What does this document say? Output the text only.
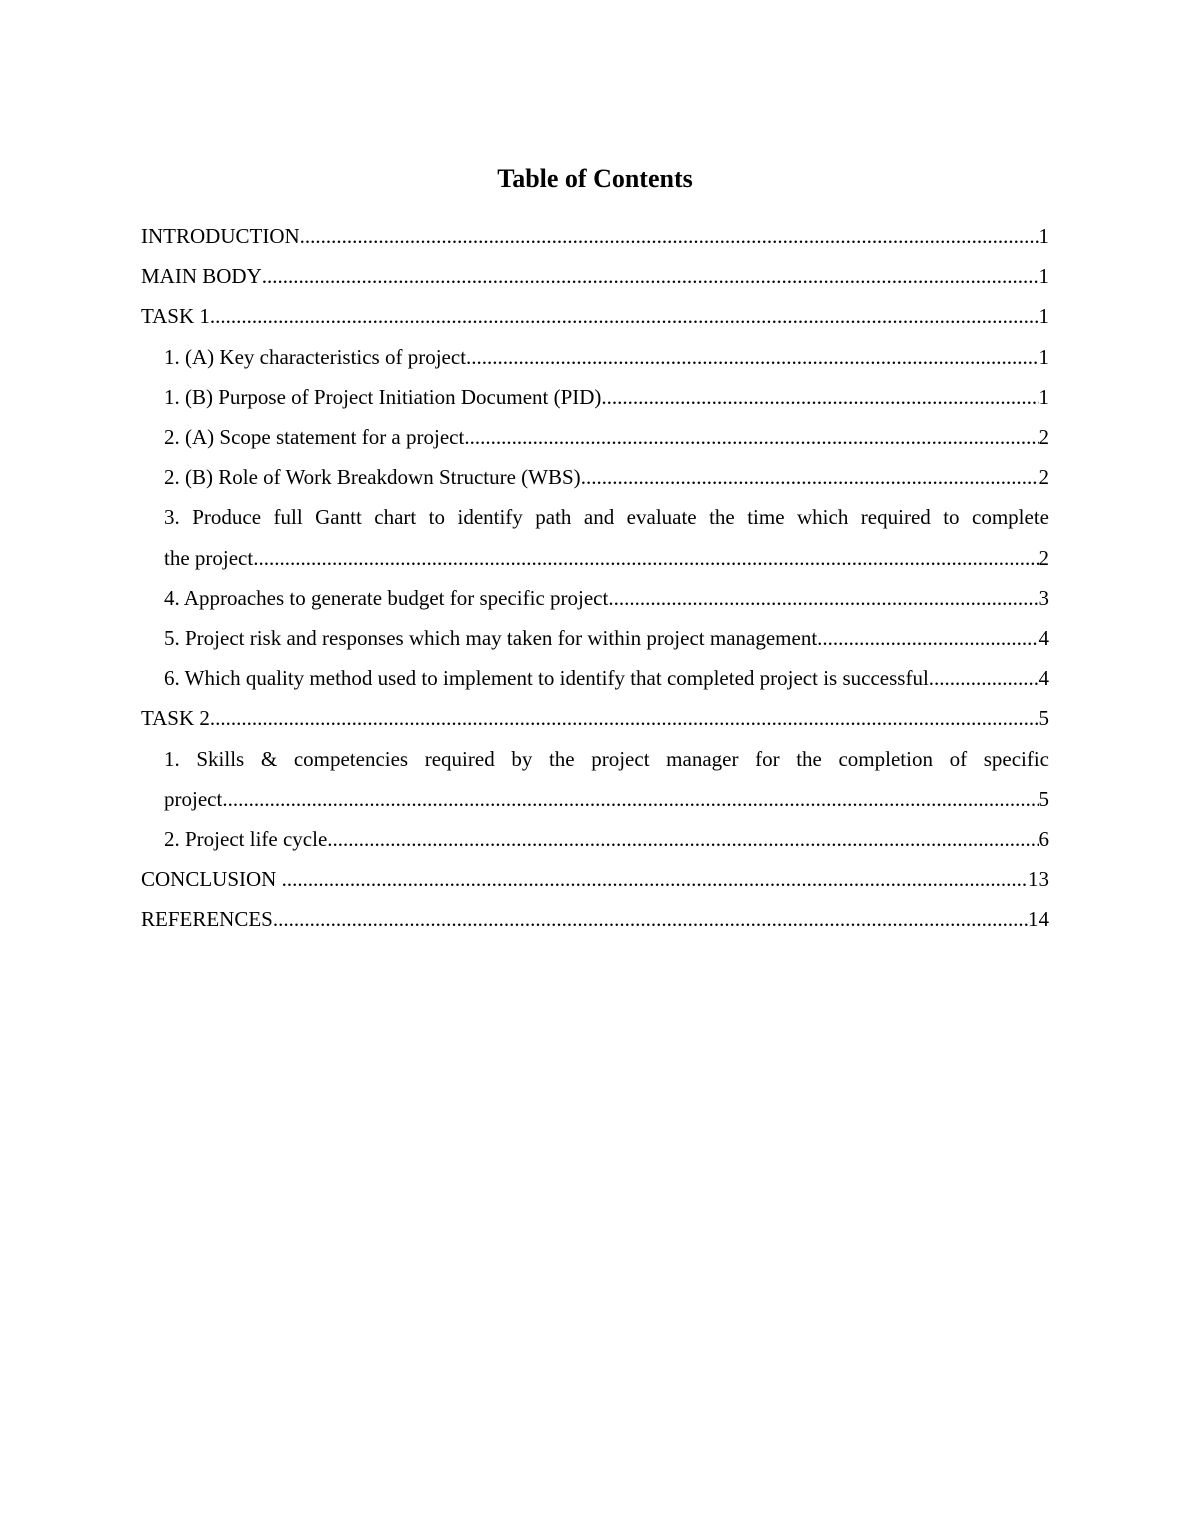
Table of Contents
INTRODUCTION .....	1
MAIN BODY .....	1
TASK 1 .....	1
1. (A) Key characteristics of project .....	1
1. (B) Purpose of Project Initiation Document (PID) .....	1
2. (A) Scope statement for a project .....	2
2. (B) Role of Work Breakdown Structure (WBS) .....	2
3. Produce full Gantt chart to identify path and evaluate the time which required to complete
the project .....	2
4. Approaches to generate budget for specific project .....	3
5. Project risk and responses which may taken for within project management .....	4
6. Which quality method used to implement to identify that completed project is successful .....	4
TASK 2 .....	5
1. Skills & competencies required by the project manager for the completion of specific
project .....	5
2. Project life cycle .....	6
CONCLUSION .....	13
REFERENCES .....	14
